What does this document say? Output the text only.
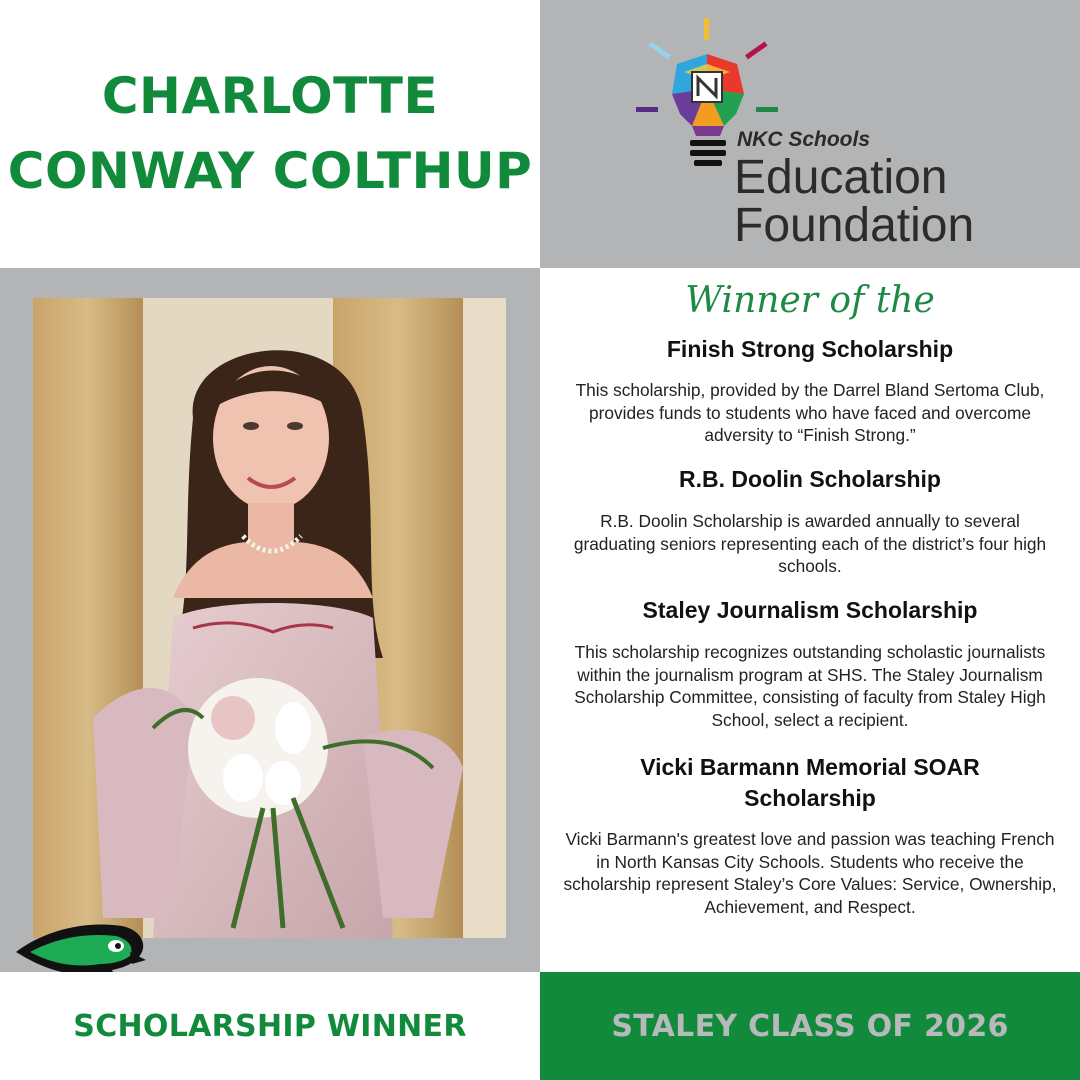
CHARLOTTE
CONWAY COLTHUP
NKC Schools
Education
Foundation
Winner of the
Finish Strong Scholarship
This scholarship, provided by the Darrel Bland Sertoma Club, provides funds to students who have faced and overcome adversity to “Finish Strong.”
R.B. Doolin Scholarship
R.B. Doolin Scholarship is awarded annually to several graduating seniors representing each of the district’s four high schools.
Staley Journalism Scholarship
This scholarship recognizes outstanding scholastic journalists within the journalism program at SHS. The Staley Journalism Scholarship Committee, consisting of faculty from Staley High School, select a recipient.
Vicki Barmann Memorial SOAR Scholarship
Vicki Barmann's greatest love and passion was teaching French in North Kansas City Schools. Students who receive the scholarship represent Staley’s Core Values: Service, Ownership, Achievement, and Respect.
SCHOLARSHIP WINNER	STALEY CLASS OF 2026
